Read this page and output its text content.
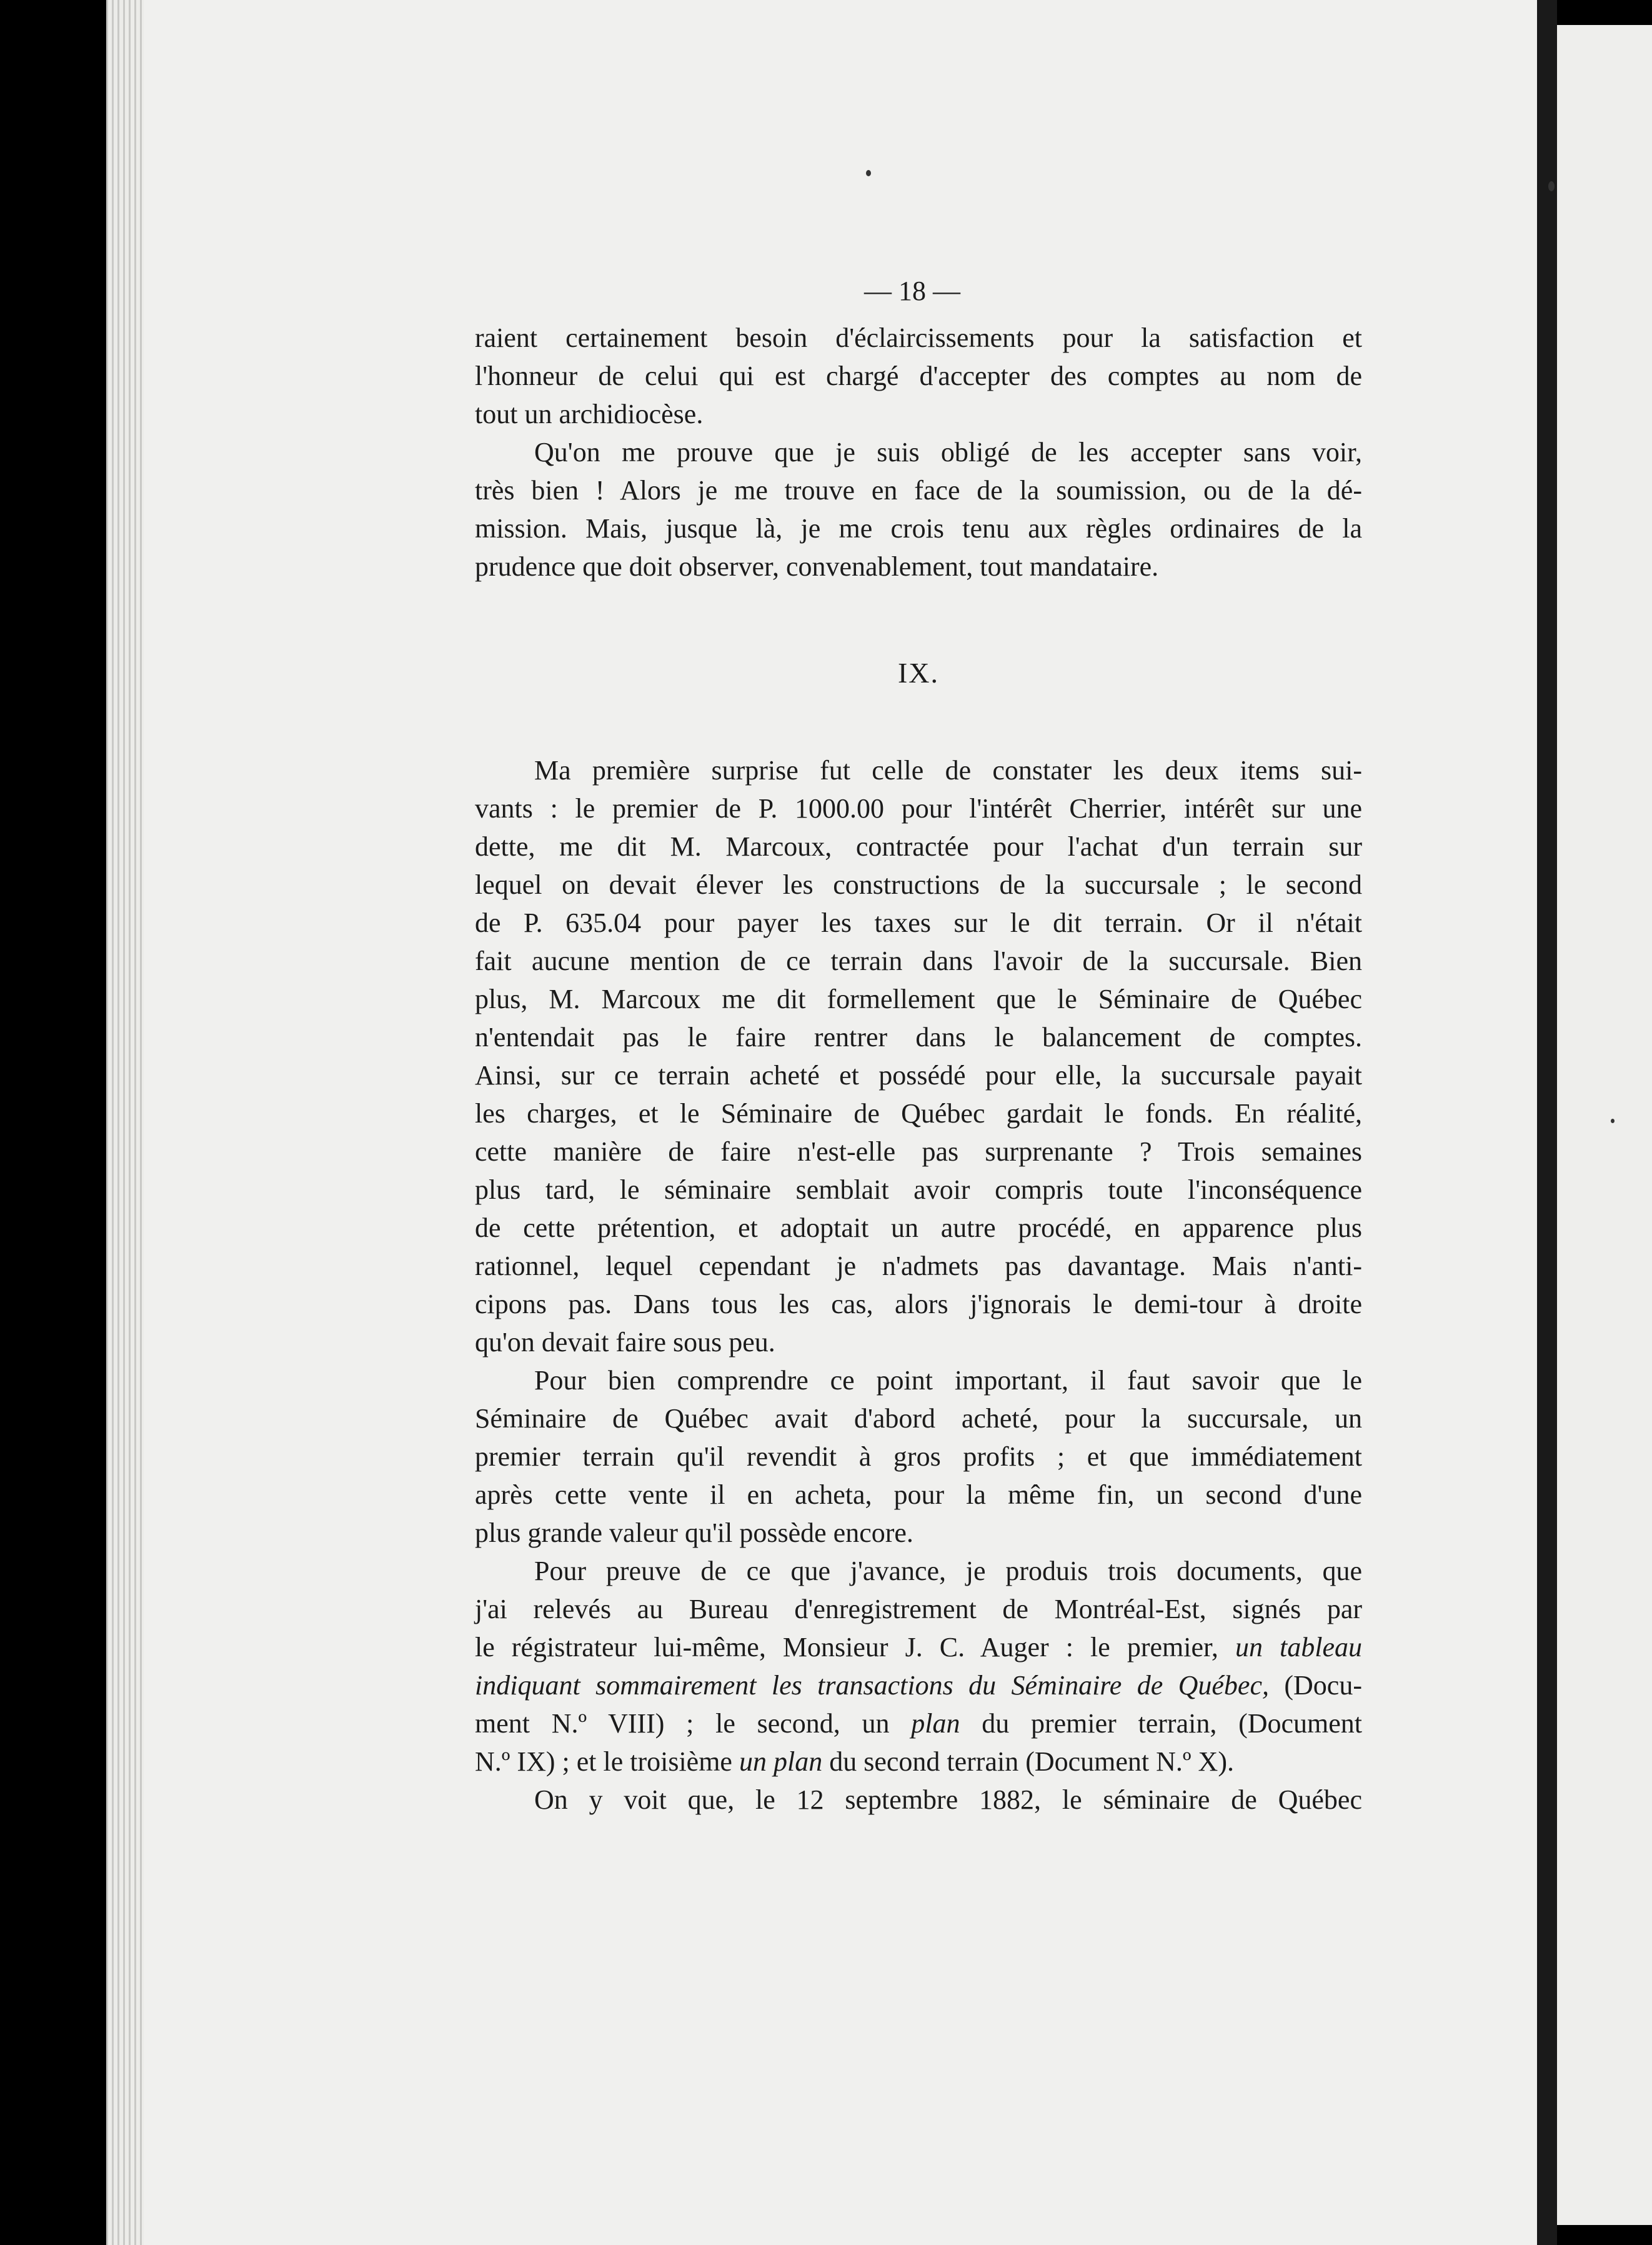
— 18 —

raient certainement besoin d'éclaircissements pour la satisfaction et

l'honneur de celui qui est chargé d'accepter des comptes au nom de

tout un archidiocèse.

Qu'on me prouve que je suis obligé de les accepter sans voir,

très bien ! Alors je me trouve en face de la soumission, ou de la dé-

mission. Mais, jusque là, je me crois tenu aux règles ordinaires de la

prudence que doit observer, convenablement, tout mandataire.

IX.

Ma première surprise fut celle de constater les deux items sui-

vants : le premier de P. 1000.00 pour l'intérêt Cherrier, intérêt sur une

dette, me dit M. Marcoux, contractée pour l'achat d'un terrain sur

lequel on devait élever les constructions de la succursale ; le second

de P. 635.04 pour payer les taxes sur le dit terrain. Or il n'était

fait aucune mention de ce terrain dans l'avoir de la succursale. Bien

plus, M. Marcoux me dit formellement que le Séminaire de Québec

n'entendait pas le faire rentrer dans le balancement de comptes.

Ainsi, sur ce terrain acheté et possédé pour elle, la succursale payait

les charges, et le Séminaire de Québec gardait le fonds. En réalité,

cette manière de faire n'est-elle pas surprenante ? Trois semaines

plus tard, le séminaire semblait avoir compris toute l'inconséquence

de cette prétention, et adoptait un autre procédé, en apparence plus

rationnel, lequel cependant je n'admets pas davantage. Mais n'anti-

cipons pas. Dans tous les cas, alors j'ignorais le demi-tour à droite

qu'on devait faire sous peu.

Pour bien comprendre ce point important, il faut savoir que le

Séminaire de Québec avait d'abord acheté, pour la succursale, un

premier terrain qu'il revendit à gros profits ; et que immédiatement

après cette vente il en acheta, pour la même fin, un second d'une

plus grande valeur qu'il possède encore.

Pour preuve de ce que j'avance, je produis trois documents, que

j'ai relevés au Bureau d'enregistrement de Montréal-Est, signés par

le régistrateur lui-même, Monsieur J. C. Auger : le premier, un tableau

indiquant sommairement les transactions du Séminaire de Québec, (Docu-

ment N.º VIII) ; le second, un plan du premier terrain, (Document

N.º IX) ; et le troisième un plan du second terrain (Document N.º X).

On y voit que, le 12 septembre 1882, le séminaire de Québec
